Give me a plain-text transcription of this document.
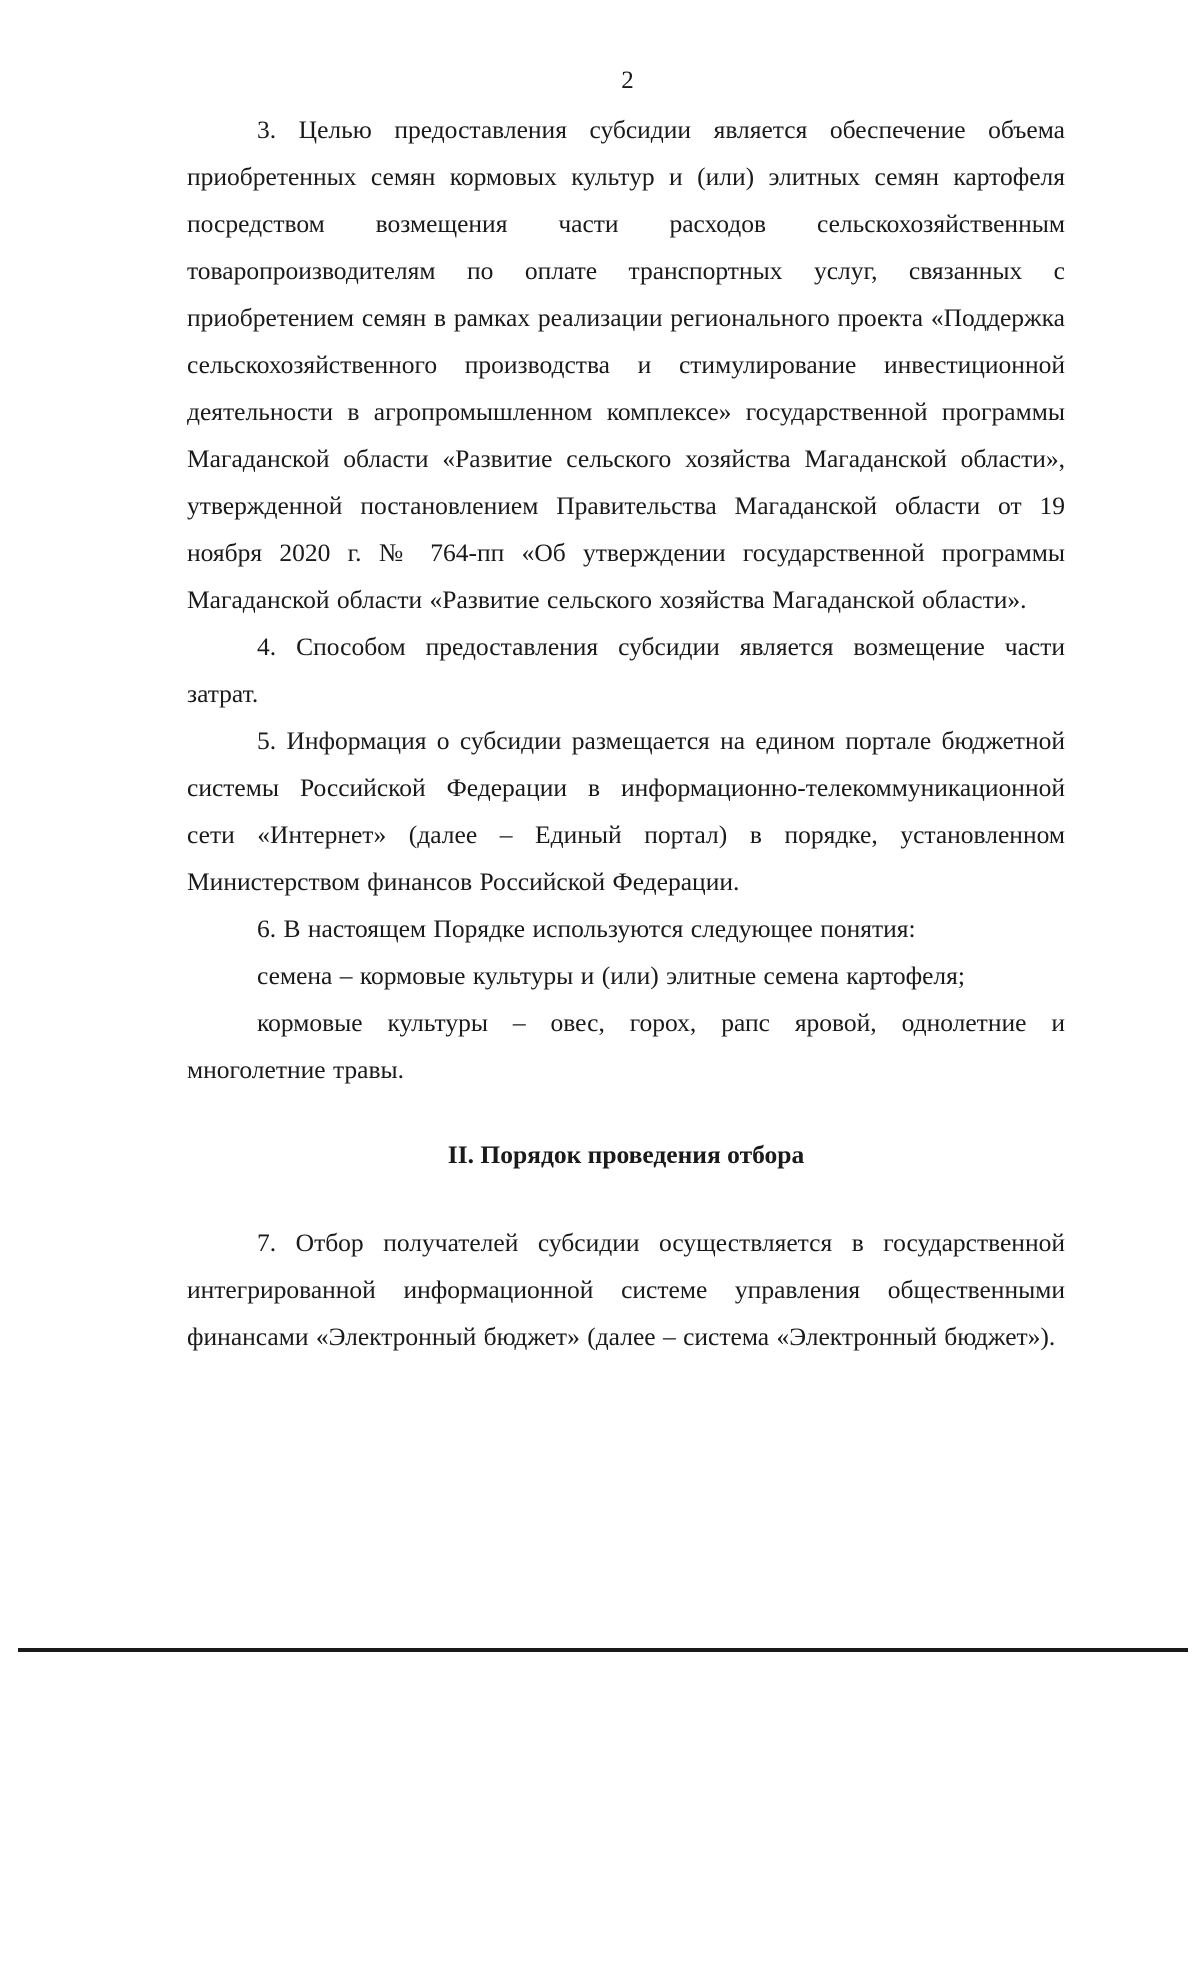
2

3. Целью предоставления субсидии является обеспечение объема приобретенных семян кормовых культур и (или) элитных семян картофеля посредством возмещения части расходов сельскохозяйственным товаропроизводителям по оплате транспортных услуг, связанных с приобретением семян в рамках реализации регионального проекта «Поддержка сельскохозяйственного производства и стимулирование инвестиционной деятельности в агропромышленном комплексе» государственной программы Магаданской области «Развитие сельского хозяйства Магаданской области», утвержденной постановлением Правительства Магаданской области от 19 ноября 2020 г. № 764-пп «Об утверждении государственной программы Магаданской области «Развитие сельского хозяйства Магаданской области».

4. Способом предоставления субсидии является возмещение части затрат.

5. Информация о субсидии размещается на едином портале бюджетной системы Российской Федерации в информационно-телекоммуникационной сети «Интернет» (далее – Единый портал) в порядке, установленном Министерством финансов Российской Федерации.

6. В настоящем Порядке используются следующее понятия:

семена – кормовые культуры и (или) элитные семена картофеля;

кормовые культуры – овес, горох, рапс яровой, однолетние и многолетние травы.

II. Порядок проведения отбора

7. Отбор получателей субсидии осуществляется в государственной интегрированной информационной системе управления общественными финансами «Электронный бюджет» (далее – система «Электронный бюджет»).
